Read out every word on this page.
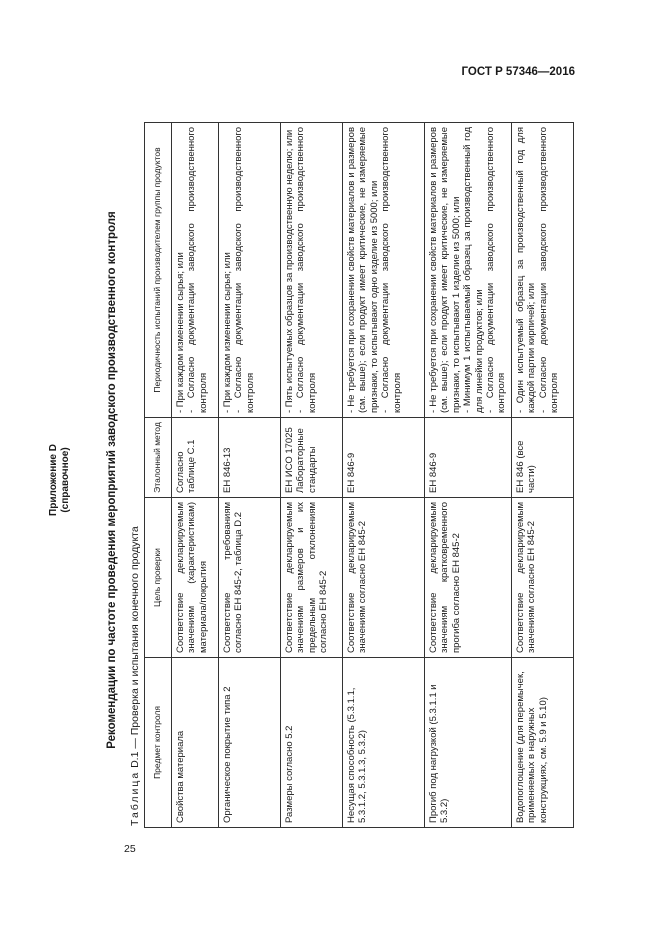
ГОСТ Р 57346—2016
Приложение D (справочное)	Рекомендации по частоте проведения мероприятий заводского производственного контроля
Таблица D.1 — Проверка и испытания конечного продукта Предмет контроля	Цель проверки	Эталонный метод	Периодичность испытаний производителем группы продуктов
Свойства материала	Соответствие декларируемым значениям (характеристикам) материала/покрытия	Согласно таблице С.1	- При каждом изменении сырья; или
- Согласно документации заводского производственного контроля
Органическое покрытие типа 2	Соответствие требованиям согласно ЕН 845-2, таблица D.2	ЕН 846-13	- При каждом изменении сырья; или
- Согласно документации заводского производственного контроля
Размеры согласно 5.2	Соответствие декларируемым значениям размеров и их предельным отклонениям согласно ЕН 845-2	ЕН ИСО 17025 Лабораторные стандарты	- Пять испытуемых образцов за производственную неделю; или
- Согласно документации заводского производственного контроля
Несущая способность (5.3.1.1, 5.3.1.2, 5.3.1.3, 5.3.2)	Соответствие декларируемым значениям согласно ЕН 845-2	ЕН 846-9	- Не требуется при сохранении свойств материалов и размеров (см. выше); если продукт имеет критические, не измеряемые признаки, то испытывают одно изделие из 5000; или
- Согласно документации заводского производственного контроля
Прогиб под нагрузкой (5.3.1.1 и 5.3.2)	Соответствие декларируемым значениям кратковременного прогиба согласно ЕН 845-2	ЕН 846-9	- Не требуется при сохранении свойств материалов и размеров (см. выше); если продукт имеет критические, не измеряемые признаки, то испытывают 1 изделие из 5000; или
- Минимум 1 испытываемый образец за производственный год для линейки продуктов; или
- Согласно документации заводского производственного контроля
Водопоглощение (для перемычек, применяемых в наружных конструкциях, см. 5.9 и 5.10)	Соответствие декларируемым значениям согласно ЕН 845-2	ЕН 846 (все части)	- Один испытуемый образец за производственный год для каждой партии кирпичей; или
- Согласно документации заводского производственного контроля
25
